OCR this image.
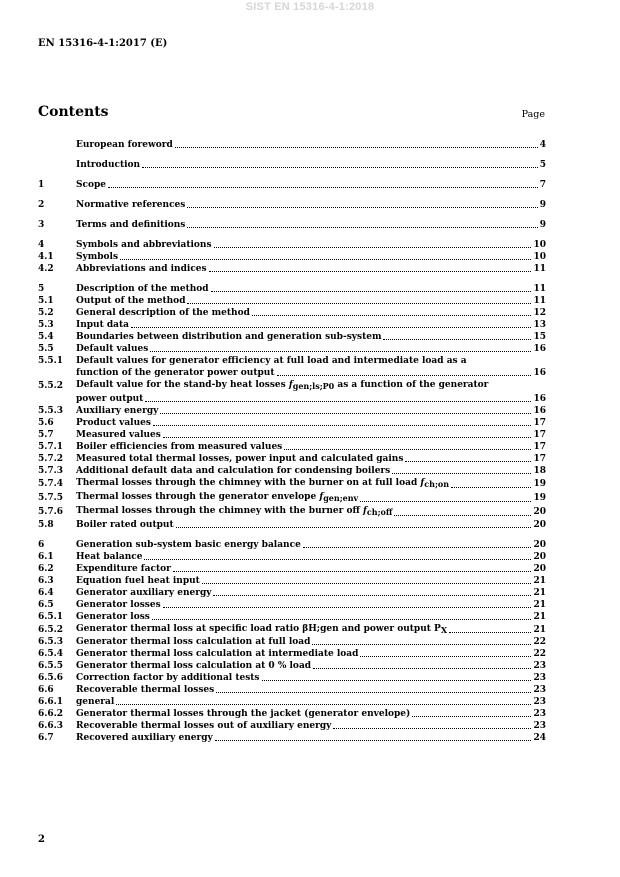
SIST EN 15316-4-1:2018
EN 15316-4-1:2017 (E)
Contents	Page
European foreword	4
Introduction	5
1	Scope	7
2	Normative references	9
3	Terms and definitions	9
4	Symbols and abbreviations	10
4.1	Symbols	10
4.2	Abbreviations and indices	11
5	Description of the method	11
5.1	Output of the method	11
5.2	General description of the method	12
5.3	Input data	13
5.4	Boundaries between distribution and generation sub-system	15
5.5	Default values	16
5.5.1	Default values for generator efficiency at full load and intermediate load as a
function of the generator power output	16
5.5.2	Default value for the stand-by heat losses fgen;ls;P0 as a function of the generator
power output	16
5.5.3	Auxiliary energy	16
5.6	Product values	17
5.7	Measured values	17
5.7.1	Boiler efficiencies from measured values	17
5.7.2	Measured total thermal losses, power input and calculated gains	17
5.7.3	Additional default data and calculation for condensing boilers	18
5.7.4	Thermal losses through the chimney with the burner on at full load fch;on	19
5.7.5	Thermal losses through the generator envelope fgen;env	19
5.7.6	Thermal losses through the chimney with the burner off fch;off	20
5.8	Boiler rated output	20
6	Generation sub-system basic energy balance	20
6.1	Heat balance	20
6.2	Expenditure factor	20
6.3	Equation fuel heat input	21
6.4	Generator auxiliary energy	21
6.5	Generator losses	21
6.5.1	Generator loss	21
6.5.2	Generator thermal loss at specific load ratio βH;gen and power output PX	21
6.5.3	Generator thermal loss calculation at full load	22
6.5.4	Generator thermal loss calculation at intermediate load	22
6.5.5	Generator thermal loss calculation at 0 % load	23
6.5.6	Correction factor by additional tests	23
6.6	Recoverable thermal losses	23
6.6.1	general	23
6.6.2	Generator thermal losses through the jacket (generator envelope)	23
6.6.3	Recoverable thermal losses out of auxiliary energy	23
6.7	Recovered auxiliary energy	24
2
